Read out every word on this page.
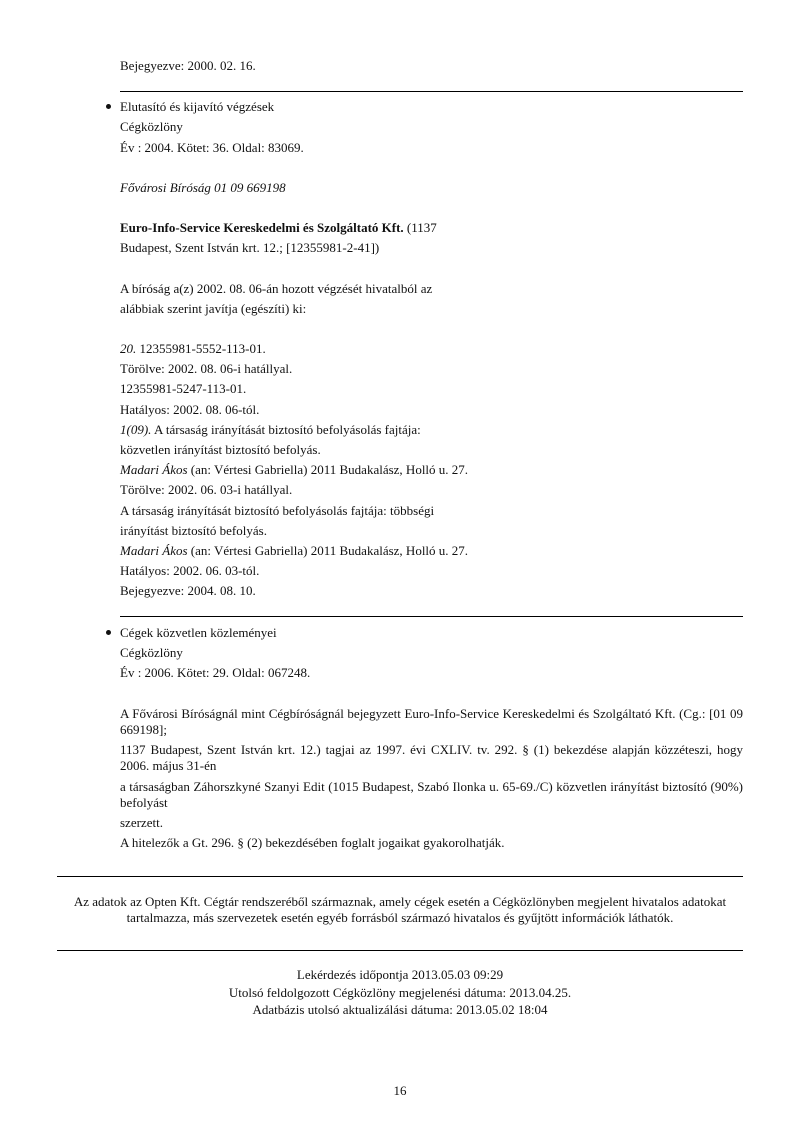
Bejegyezve: 2000. 02. 16.
Elutasító és kijavító végzések
Cégközlöny
Év : 2004. Kötet: 36. Oldal: 83069.
Fővárosi Bíróság 01 09 669198
Euro-Info-Service Kereskedelmi és Szolgáltató Kft. (1137
Budapest, Szent István krt. 12.; [12355981-2-41])
A bíróság a(z) 2002. 08. 06-án hozott végzését hivatalból az
alábbiak szerint javítja (egészíti) ki:
20. 12355981-5552-113-01.
Törölve: 2002. 08. 06-i hatállyal.
12355981-5247-113-01.
Hatályos: 2002. 08. 06-tól.
1(09). A társaság irányítását biztosító befolyásolás fajtája:
közvetlen irányítást biztosító befolyás.
Madari Ákos (an: Vértesi Gabriella) 2011 Budakalász, Holló u. 27.
Törölve: 2002. 06. 03-i hatállyal.
A társaság irányítását biztosító befolyásolás fajtája: többségi
irányítást biztosító befolyás.
Madari Ákos (an: Vértesi Gabriella) 2011 Budakalász, Holló u. 27.
Hatályos: 2002. 06. 03-tól.
Bejegyezve: 2004. 08. 10.
Cégek közvetlen közleményei
Cégközlöny
Év : 2006. Kötet: 29. Oldal: 067248.
A Fővárosi Bíróságnál mint Cégbíróságnál bejegyzett Euro-Info-Service Kereskedelmi és Szolgáltató Kft. (Cg.: [01 09 669198];
1137 Budapest, Szent István krt. 12.) tagjai az 1997. évi CXLIV. tv. 292. § (1) bekezdése alapján közzéteszi, hogy 2006. május 31-én
a társaságban Záhorszkyné Szanyi Edit (1015 Budapest, Szabó Ilonka u. 65-69./C) közvetlen irányítást biztosító (90%) befolyást
szerzett.
A hitelezők a Gt. 296. § (2) bekezdésében foglalt jogaikat gyakorolhatják.
Az adatok az Opten Kft. Cégtár rendszeréből származnak, amely cégek esetén a Cégközlönyben megjelent hivatalos adatokat tartalmazza, más szervezetek esetén egyéb forrásból származó hivatalos és gyűjtött információk láthatók.
Lekérdezés időpontja 2013.05.03 09:29
Utolsó feldolgozott Cégközlöny megjelenési dátuma: 2013.04.25.
Adatbázis utolsó aktualizálási dátuma: 2013.05.02 18:04
16
